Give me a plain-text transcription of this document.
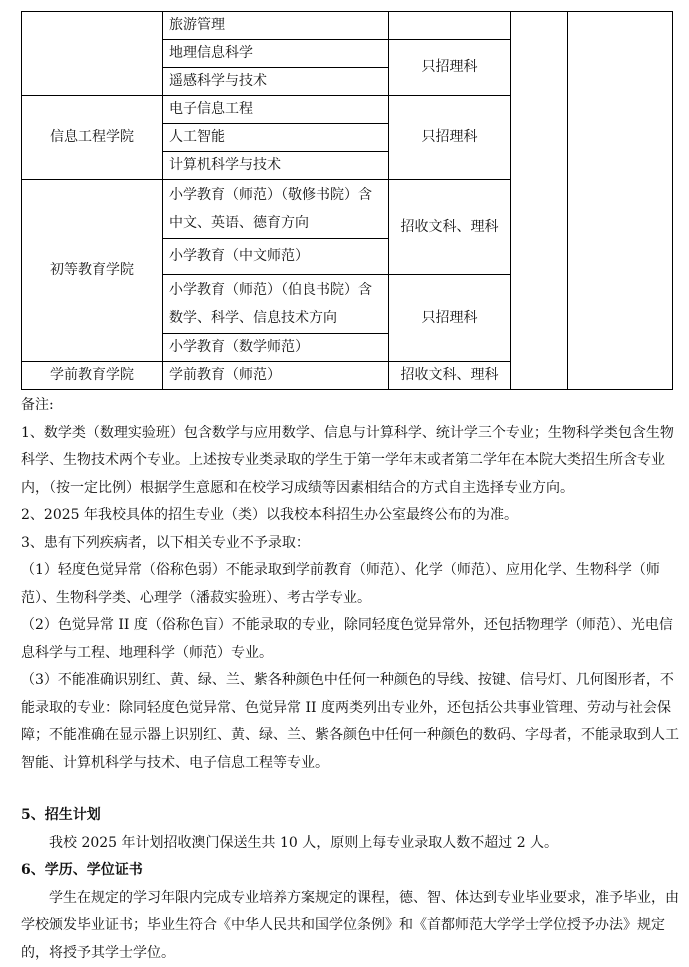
	旅游管理			
	地理信息科学	只招理科		
	遥感科学与技术			
信息工程学院	电子信息工程	只招理科		
	人工智能			
	计算机科学与技术			
初等教育学院	小学教育（师范）（敬修书院）含中文、英语、德育方向	招收文科、理科		
	小学教育（中文师范）			
	小学教育（师范）（伯良书院）含数学、科学、信息技术方向	只招理科		
	小学教育（数学师范）			
学前教育学院	学前教育（师范）	招收文科、理科		

备注:

1、数学类（数理实验班）包含数学与应用数学、信息与计算科学、统计学三个专业；生物科学类包含生物科学、生物技术两个专业。上述按专业类录取的学生于第一学年末或者第二学年在本院大类招生所含专业内，（按一定比例）根据学生意愿和在校学习成绩等因素相结合的方式自主选择专业方向。

2、2025 年我校具体的招生专业（类）以我校本科招生办公室最终公布的为准。

3、患有下列疾病者，以下相关专业不予录取：

（1）轻度色觉异常（俗称色弱）不能录取到学前教育（师范）、化学（师范）、应用化学、生物科学（师范）、生物科学类、心理学（潘菽实验班）、考古学专业。

（2）色觉异常 II 度（俗称色盲）不能录取的专业，除同轻度色觉异常外，还包括物理学（师范）、光电信息科学与工程、地理科学（师范）专业。

（3）不能准确识别红、黄、绿、兰、紫各种颜色中任何一种颜色的导线、按键、信号灯、几何图形者，不能录取的专业：除同轻度色觉异常、色觉异常 II 度两类列出专业外，还包括公共事业管理、劳动与社会保障；不能准确在显示器上识别红、黄、绿、兰、紫各颜色中任何一种颜色的数码、字母者，不能录取到人工智能、计算机科学与技术、电子信息工程等专业。

5、招生计划

我校 2025 年计划招收澳门保送生共 10 人，原则上每专业录取人数不超过 2 人。

6、学历、学位证书

学生在规定的学习年限内完成专业培养方案规定的课程，德、智、体达到专业毕业要求，准予毕业，由学校颁发毕业证书；毕业生符合《中华人民共和国学位条例》和《首都师范大学学士学位授予办法》规定的，将授予其学士学位。
